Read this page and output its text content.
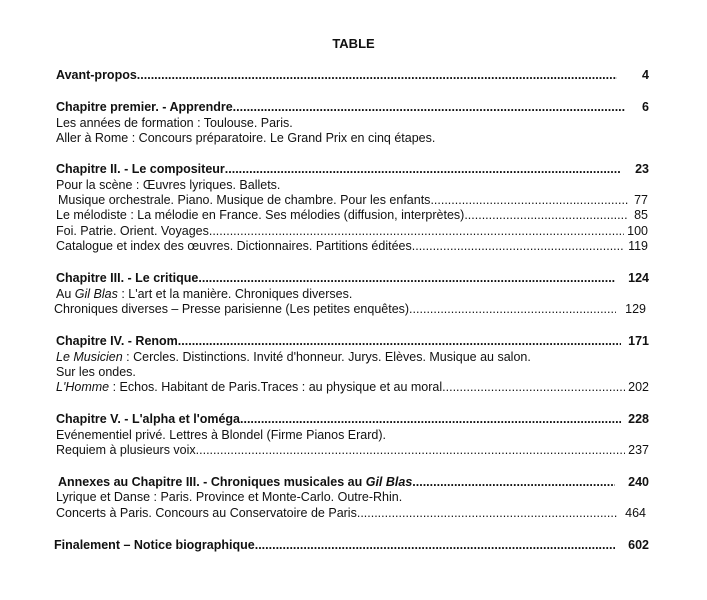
TABLE
Avant-propos .....	4
Chapitre premier. - Apprendre .....	6
Les années de formation : Toulouse. Paris.
Aller à Rome : Concours préparatoire. Le Grand Prix en cinq étapes.
Chapitre II. - Le compositeur .....	23
Pour la scène : Œuvres lyriques. Ballets.
Musique orchestrale. Piano. Musique de chambre. Pour les enfants .....	77
Le mélodiste : La mélodie en France. Ses mélodies (diffusion, interprètes) .....	85
Foi. Patrie. Orient. Voyages .....	100
Catalogue et index des œuvres. Dictionnaires. Partitions éditées .....	119
Chapitre III. - Le critique .....	124
Au Gil Blas : L'art et la manière. Chroniques diverses.
Chroniques diverses – Presse parisienne (Les petites enquêtes). .....	129
Chapitre IV. - Renom .....	171
Le Musicien : Cercles. Distinctions. Invité d'honneur. Jurys. Elèves. Musique au salon.
Sur les ondes.
L'Homme : Echos. Habitant de Paris.Traces : au physique et au moral .....	202
Chapitre V. - L'alpha et l'oméga .....	228
Evénementiel privé. Lettres à Blondel (Firme Pianos Erard).
Requiem à plusieurs voix .....	237
Annexes au Chapitre III. - Chroniques musicales au Gil Blas .....	240
Lyrique et Danse : Paris. Province et Monte-Carlo. Outre-Rhin.
Concerts à Paris. Concours au Conservatoire de Paris .....	464
Finalement – Notice biographique .....	602
